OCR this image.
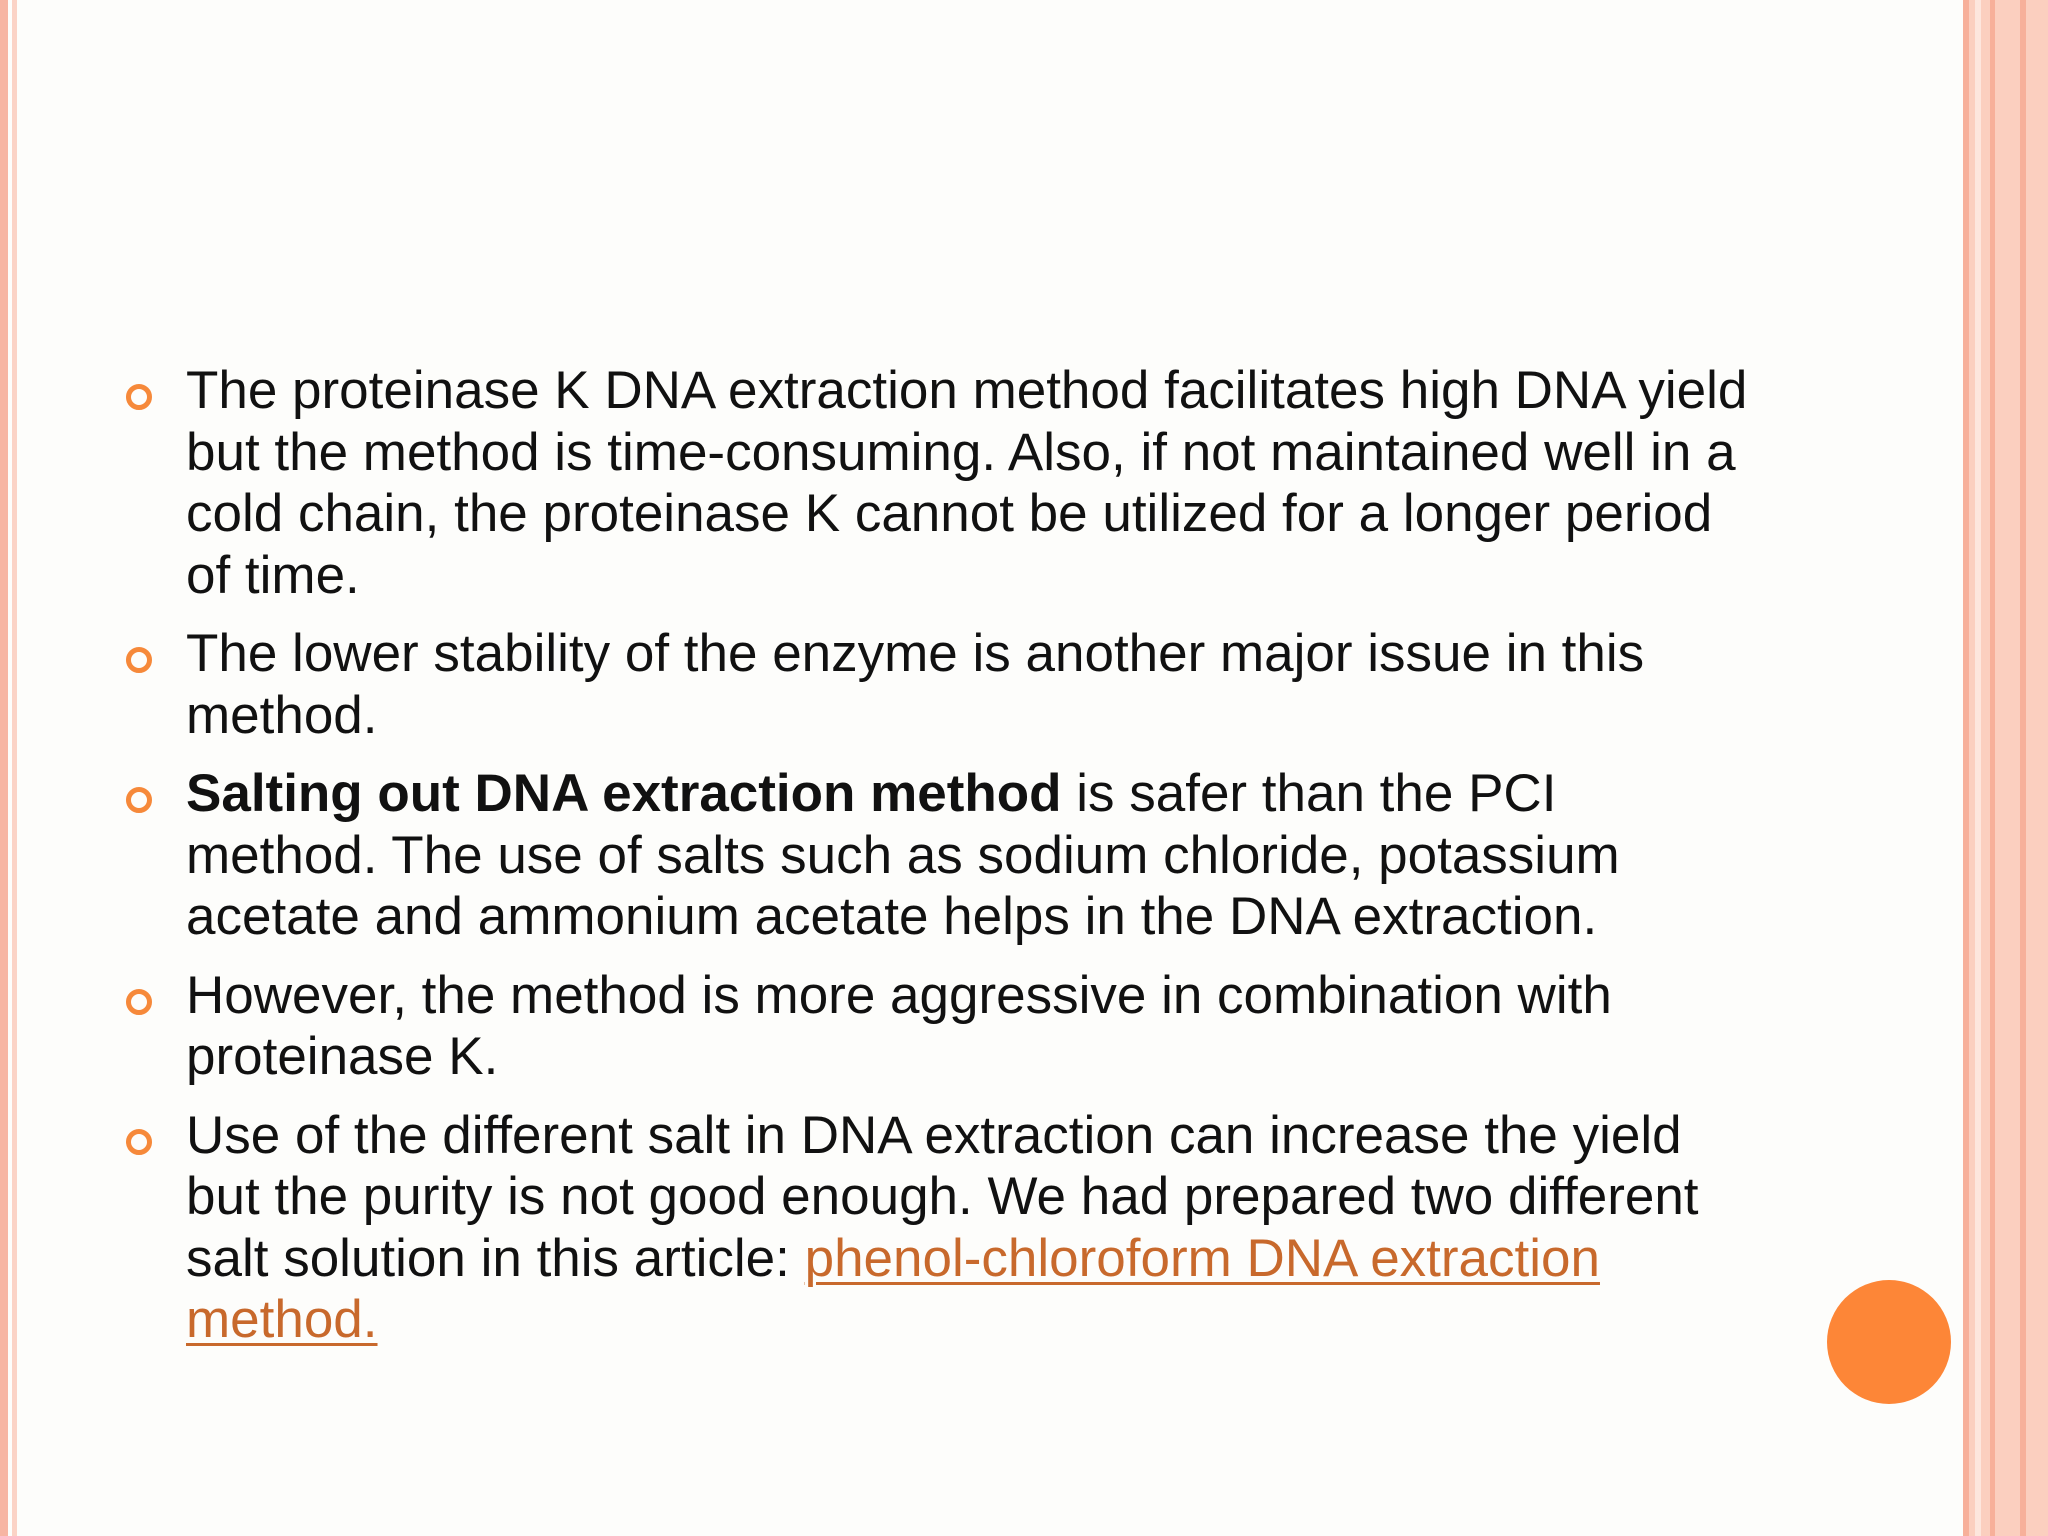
The proteinase K DNA extraction method facilitates high DNA yield but the method is time-consuming. Also, if not maintained well in a cold chain, the proteinase K cannot be utilized for a longer period of time.
The lower stability of the enzyme is another major issue in this method.
Salting out DNA extraction method is safer than the PCI method. The use of salts such as sodium chloride, potassium acetate and ammonium acetate helps in the DNA extraction.
However, the method is more aggressive in combination with proteinase K.
Use of the different salt in DNA extraction can increase the yield but the purity is not good enough. We had prepared two different salt solution in this article: phenol-chloroform DNA extraction method.
